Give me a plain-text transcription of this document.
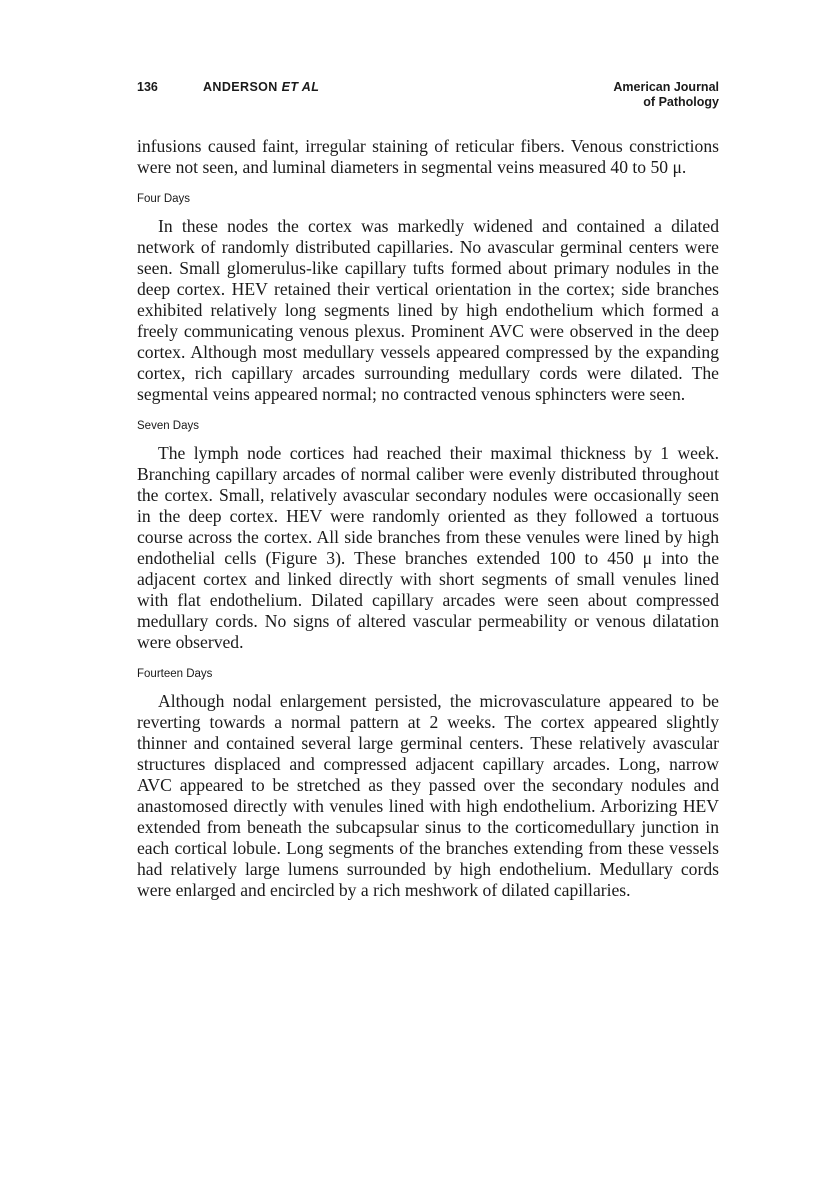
136	ANDERSON ET AL	American Journal
of Pathology

infusions caused faint, irregular staining of reticular fibers. Venous constrictions were not seen, and luminal diameters in segmental veins measured 40 to 50 μ.

Four Days

In these nodes the cortex was markedly widened and contained a dilated network of randomly distributed capillaries. No avascular germinal centers were seen. Small glomerulus-like capillary tufts formed about primary nodules in the deep cortex. HEV retained their vertical orientation in the cortex; side branches exhibited relatively long segments lined by high endothelium which formed a freely communicating venous plexus. Prominent AVC were observed in the deep cortex. Although most medullary vessels appeared compressed by the expanding cortex, rich capillary arcades surrounding medullary cords were dilated. The segmental veins appeared normal; no contracted venous sphincters were seen.

Seven Days

The lymph node cortices had reached their maximal thickness by 1 week. Branching capillary arcades of normal caliber were evenly distributed throughout the cortex. Small, relatively avascular secondary nodules were occasionally seen in the deep cortex. HEV were randomly oriented as they followed a tortuous course across the cortex. All side branches from these venules were lined by high endothelial cells (Figure 3). These branches extended 100 to 450 μ into the adjacent cortex and linked directly with short segments of small venules lined with flat endothelium. Dilated capillary arcades were seen about compressed medullary cords. No signs of altered vascular permeability or venous dilatation were observed.

Fourteen Days

Although nodal enlargement persisted, the microvasculature appeared to be reverting towards a normal pattern at 2 weeks. The cortex appeared slightly thinner and contained several large germinal centers. These relatively avascular structures displaced and compressed adjacent capillary arcades. Long, narrow AVC appeared to be stretched as they passed over the secondary nodules and anastomosed directly with venules lined with high endothelium. Arborizing HEV extended from beneath the subcapsular sinus to the corticomedullary junction in each cortical lobule. Long segments of the branches extending from these vessels had relatively large lumens surrounded by high endothelium. Medullary cords were enlarged and encircled by a rich meshwork of dilated capillaries.
